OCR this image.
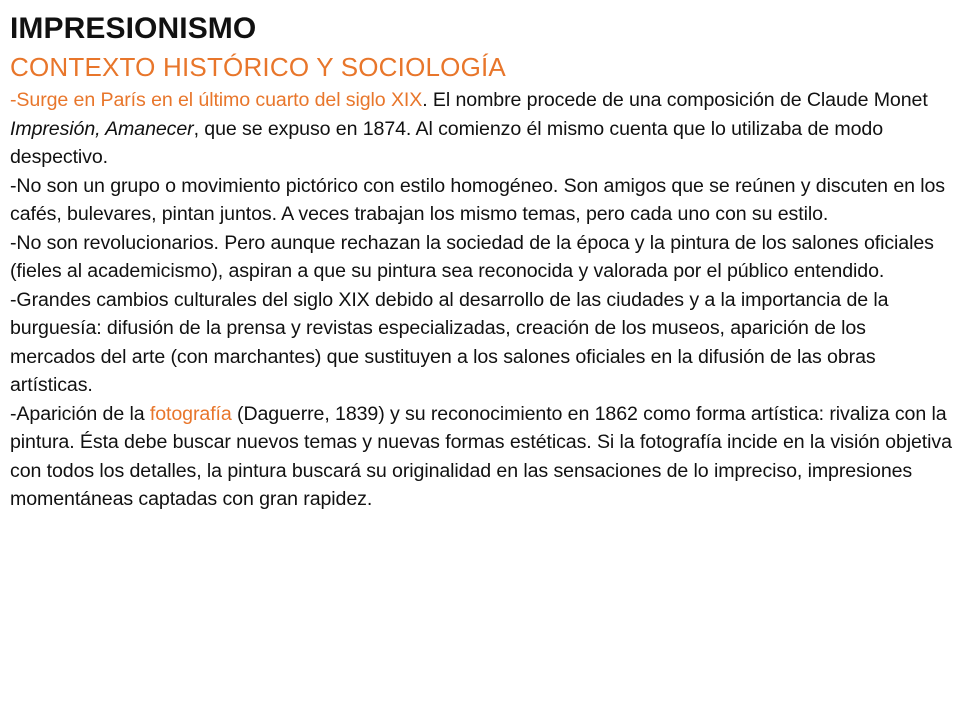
IMPRESIONISMO
CONTEXTO HISTÓRICO Y SOCIOLOGÍA

-Surge en París en el último cuarto del siglo XIX. El nombre procede de una composición de Claude Monet Impresión, Amanecer, que se expuso en 1874. Al comienzo él mismo cuenta que lo utilizaba de modo despectivo.

-No son un grupo o movimiento pictórico con estilo homogéneo. Son amigos que se reúnen y discuten en los cafés, bulevares, pintan juntos. A veces trabajan los mismo temas, pero cada uno con su estilo.

-No son revolucionarios. Pero aunque rechazan la sociedad de la época y la pintura de los salones oficiales (fieles al academicismo), aspiran a que su pintura sea reconocida y valorada por el público entendido.

-Grandes cambios culturales del siglo XIX debido al desarrollo de las ciudades y a la importancia de la burguesía: difusión de la prensa y revistas especializadas, creación de los museos, aparición de los mercados del arte (con marchantes) que sustituyen a los salones oficiales en la difusión de las obras artísticas.

-Aparición de la fotografía (Daguerre, 1839) y su reconocimiento en 1862 como forma artística: rivaliza con la pintura. Ésta debe buscar nuevos temas y nuevas formas estéticas. Si la fotografía incide en la visión objetiva con todos los detalles, la pintura buscará su originalidad en las sensaciones de lo impreciso, impresiones momentáneas captadas con gran rapidez.
